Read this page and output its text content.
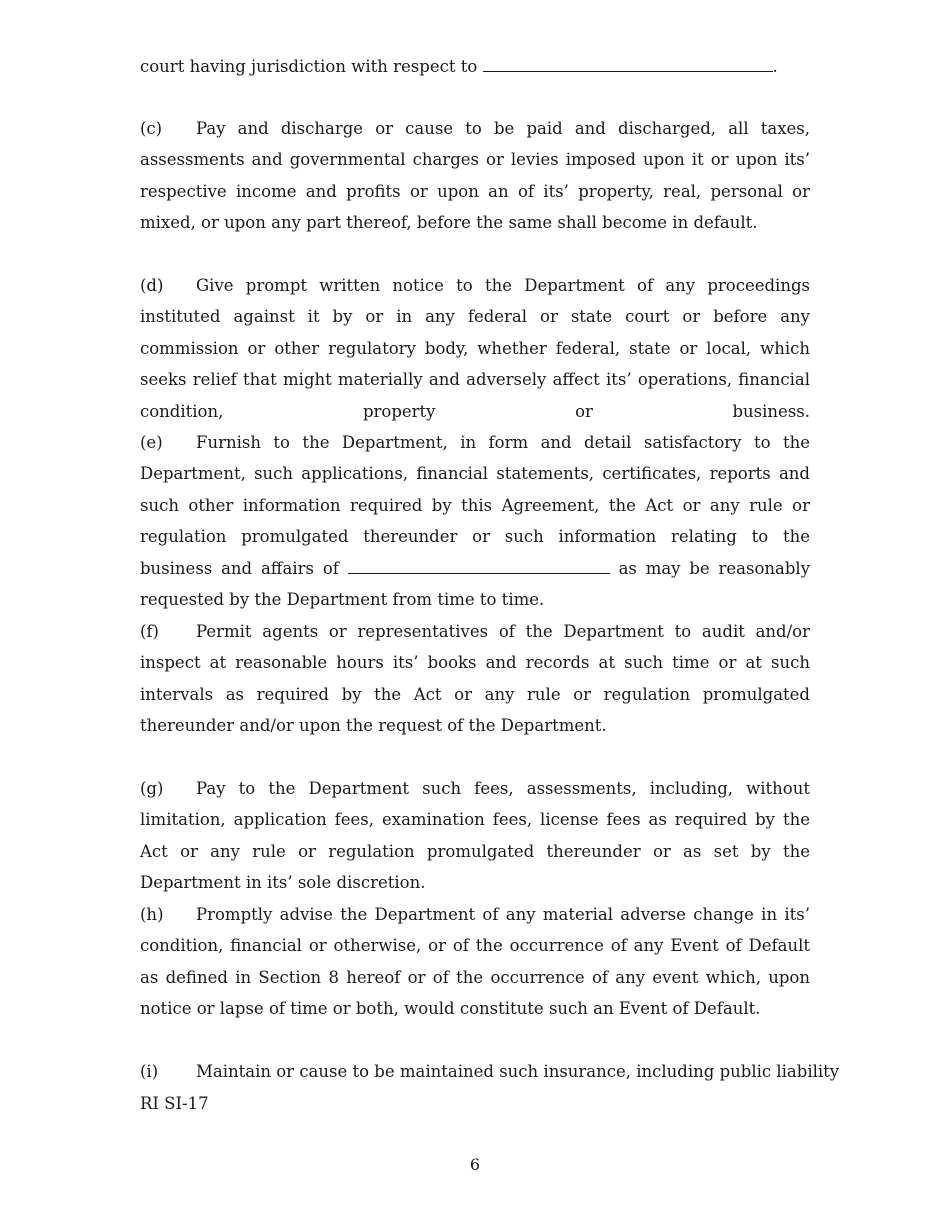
court having jurisdiction with respect to	.
(c) Pay and discharge or cause to be paid and discharged, all taxes, assessments and governmental charges or levies imposed upon it or upon its’ respective income and profits or upon an of its’ property, real, personal or mixed, or upon any part thereof, before the same shall become in default.
(d) Give prompt written notice to the Department of any proceedings instituted against it by or in any federal or state court or before any commission or other regulatory body, whether federal, state or local, which seeks relief that might materially and adversely affect its’ operations, financial condition, property or business.
(e) Furnish to the Department, in form and detail satisfactory to the Department, such applications, financial statements, certificates, reports and such other information required by this Agreement, the Act or any rule or regulation promulgated thereunder or such information relating to the business and affairs of	as may be reasonably requested by the Department from time to time.
(f) Permit agents or representatives of the Department to audit and/or inspect at reasonable hours its’ books and records at such time or at such intervals as required by the Act or any rule or regulation promulgated thereunder and/or upon the request of the Department.
(g) Pay to the Department such fees, assessments, including, without limitation, application fees, examination fees, license fees as required by the Act or any rule or regulation promulgated thereunder or as set by the Department in its’ sole discretion.
(h) Promptly advise the Department of any material adverse change in its’ condition, financial or otherwise, or of the occurrence of any Event of Default as defined in Section 8 hereof or of the occurrence of any event which, upon notice or lapse of time or both, would constitute such an Event of Default.
(i) Maintain or cause to be maintained such insurance, including public liability
RI SI-17
6
